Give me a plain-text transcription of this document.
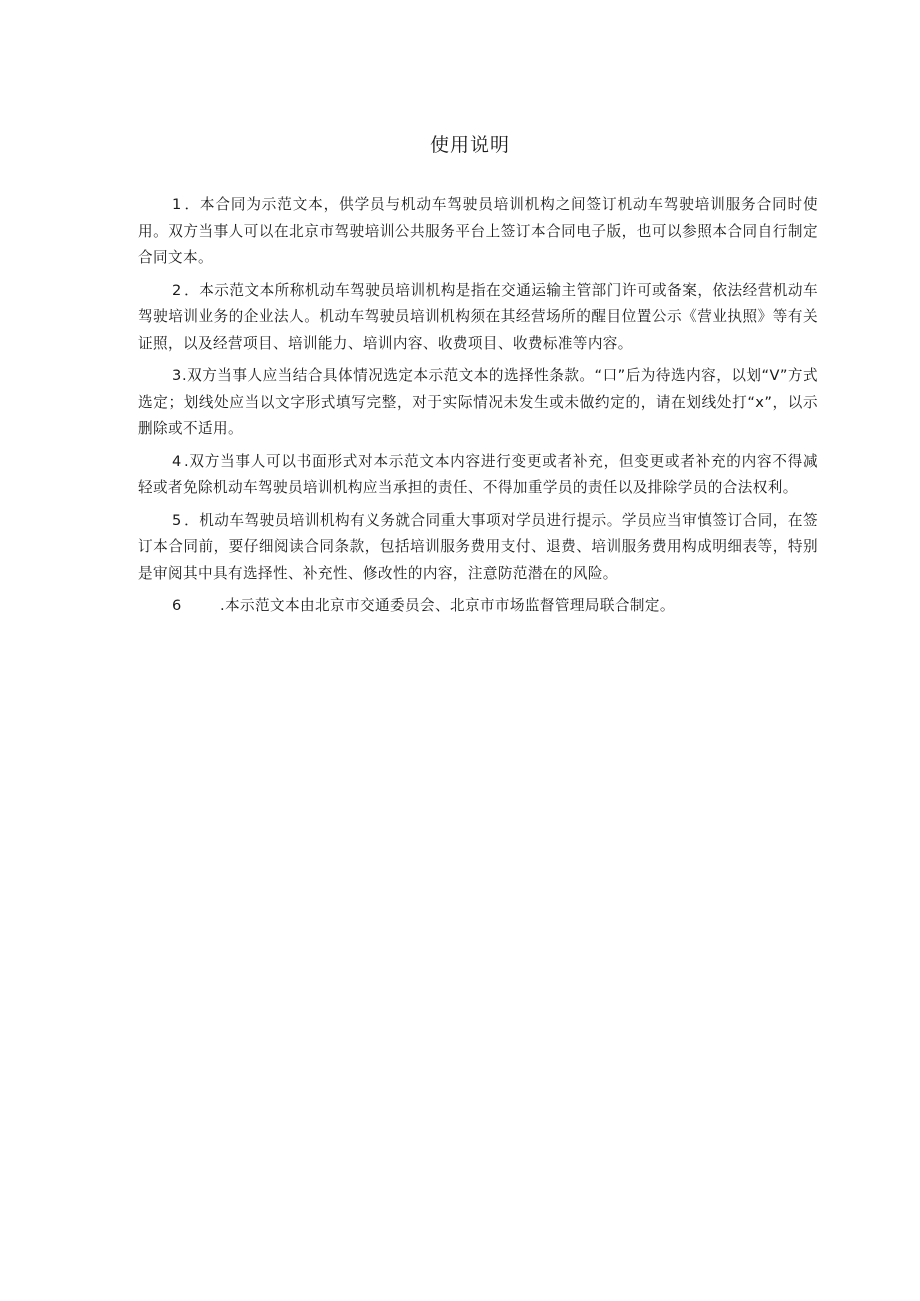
使用说明

1 ．本合同为示范文本，供学员与机动车驾驶员培训机构之间签订机动车驾驶培训服务合同时使用。双方当事人可以在北京市驾驶培训公共服务平台上签订本合同电子版，也可以参照本合同自行制定合同文本。

2 ．本示范文本所称机动车驾驶员培训机构是指在交通运输主管部门许可或备案，依法经营机动车驾驶培训业务的企业法人。机动车驾驶员培训机构须在其经营场所的醒目位置公示《营业执照》等有关证照，以及经营项目、培训能力、培训内容、收费项目、收费标准等内容。

3.双方当事人应当结合具体情况选定本示范文本的选择性条款。“口”后为待选内容，以划“V”方式选定；划线处应当以文字形式填写完整，对于实际情况未发生或未做约定的，请在划线处打“x”，以示删除或不适用。

4 .双方当事人可以书面形式对本示范文本内容进行变更或者补充，但变更或者补充的内容不得减轻或者免除机动车驾驶员培训机构应当承担的责任、不得加重学员的责任以及排除学员的合法权利。

5 ．机动车驾驶员培训机构有义务就合同重大事项对学员进行提示。学员应当审慎签订合同，在签订本合同前，要仔细阅读合同条款，包括培训服务费用支付、退费、培训服务费用构成明细表等，特别是审阅其中具有选择性、补充性、修改性的内容，注意防范潜在的风险。

6	.本示范文本由北京市交通委员会、北京市市场监督管理局联合制定。
